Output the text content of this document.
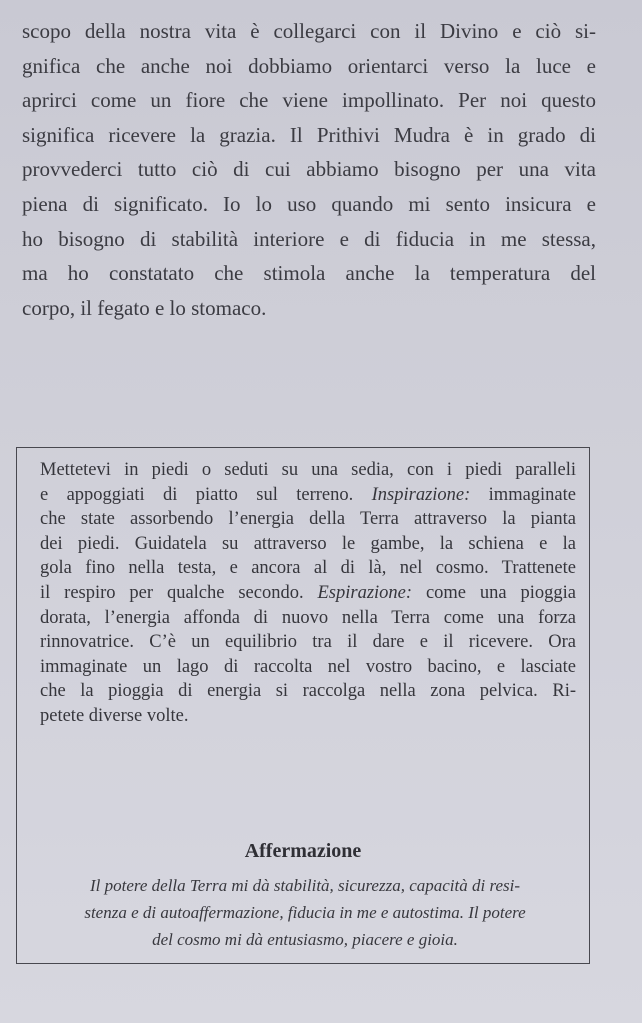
scopo della nostra vita è collegarci con il Divino e ciò si-
gnifica che anche noi dobbiamo orientarci verso la luce e
aprirci come un fiore che viene impollinato. Per noi questo
significa ricevere la grazia. Il Prithivi Mudra è in grado di
provvederci tutto ciò di cui abbiamo bisogno per una vita
piena di significato. Io lo uso quando mi sento insicura e
ho bisogno di stabilità interiore e di fiducia in me stessa,
ma ho constatato che stimola anche la temperatura del
corpo, il fegato e lo stomaco.
Mettetevi in piedi o seduti su una sedia, con i piedi paralleli
e appoggiati di piatto sul terreno. Inspirazione: immaginate
che state assorbendo l’energia della Terra attraverso la pianta
dei piedi. Guidatela su attraverso le gambe, la schiena e la
gola fino nella testa, e ancora al di là, nel cosmo. Trattenete
il respiro per qualche secondo. Espirazione: come una pioggia
dorata, l’energia affonda di nuovo nella Terra come una forza
rinnovatrice. C’è un equilibrio tra il dare e il ricevere. Ora
immaginate un lago di raccolta nel vostro bacino, e lasciate
che la pioggia di energia si raccolga nella zona pelvica. Ri-
petete diverse volte.
Affermazione
Il potere della Terra mi dà stabilità, sicurezza, capacità di resi-
stenza e di autoaffermazione, fiducia in me e autostima. Il potere
del cosmo mi dà entusiasmo, piacere e gioia.
